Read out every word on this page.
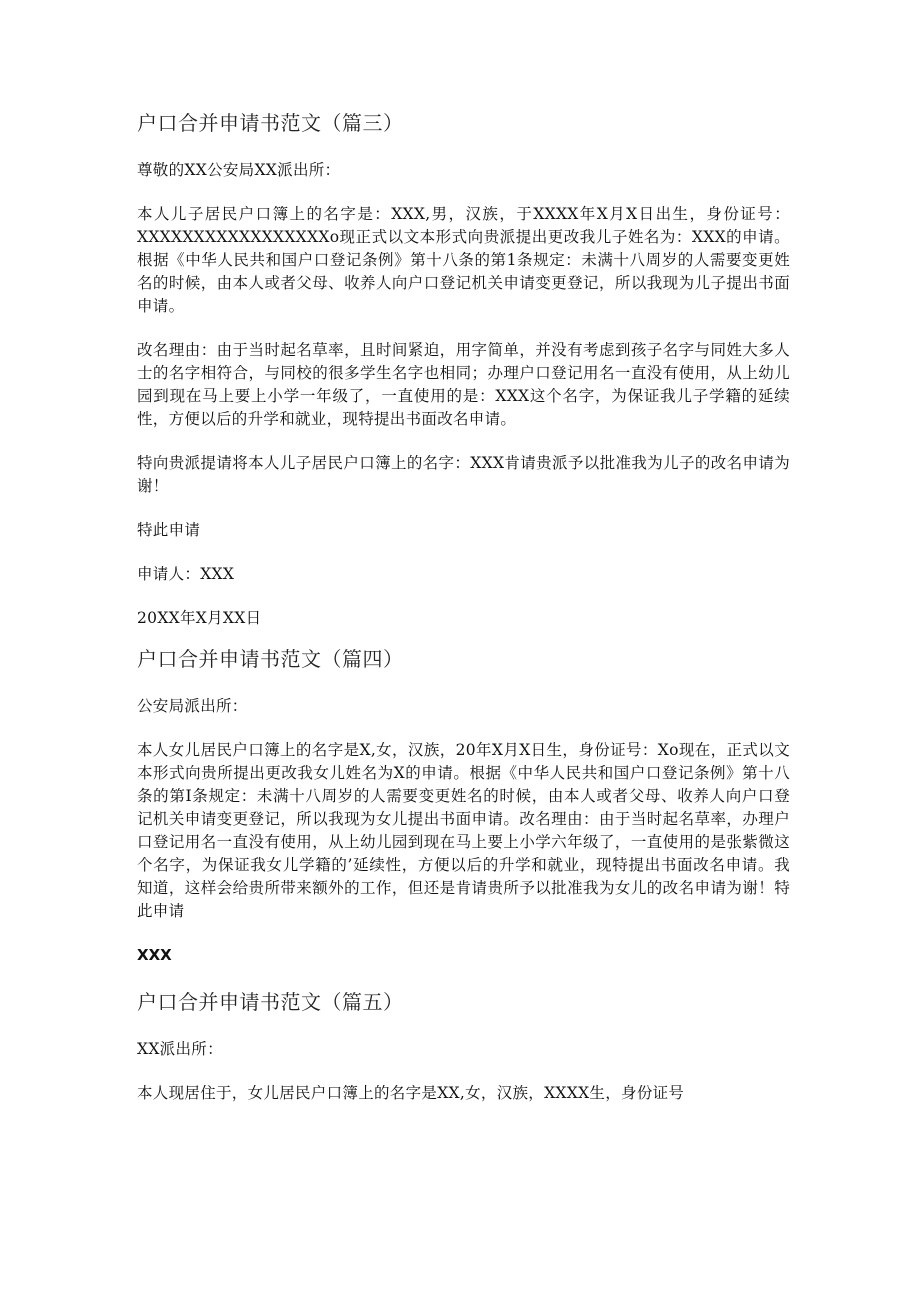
户口合并申请书范文（篇三）
尊敬的XX公安局XX派出所：
本人儿子居民户口簿上的名字是：XXX,男，汉族，于XXXX年X月X日出生，身份证号：XXXXXXXXXXXXXXXXXo现正式以文本形式向贵派提出更改我儿子姓名为：XXX的申请。根据《中华人民共和国户口登记条例》第十八条的第1条规定：未满十八周岁的人需要变更姓名的时候，由本人或者父母、收养人向户口登记机关申请变更登记，所以我现为儿子提出书面申请。
改名理由：由于当时起名草率，且时间紧迫，用字简单，并没有考虑到孩子名字与同姓大多人士的名字相符合，与同校的很多学生名字也相同；办理户口登记用名一直没有使用，从上幼儿园到现在马上要上小学一年级了，一直使用的是：XXX这个名字，为保证我儿子学籍的延续性，方便以后的升学和就业，现特提出书面改名申请。
特向贵派提请将本人儿子居民户口簿上的名字：XXX肯请贵派予以批准我为儿子的改名申请为谢！
特此申请
申请人：XXX
20XX年X月XX日
户口合并申请书范文（篇四）
公安局派出所：
本人女儿居民户口簿上的名字是X,女，汉族，20年X月X日生，身份证号：Xo现在，正式以文本形式向贵所提出更改我女儿姓名为X的申请。根据《中华人民共和国户口登记条例》第十八条的第I条规定：未满十八周岁的人需要变更姓名的时候，由本人或者父母、收养人向户口登记机关申请变更登记，所以我现为女儿提出书面申请。改名理由：由于当时起名草率，办理户口登记用名一直没有使用，从上幼儿园到现在马上要上小学六年级了，一直使用的是张紫微这个名字，为保证我女儿学籍的’延续性，方便以后的升学和就业，现特提出书面改名申请。我知道，这样会给贵所带来额外的工作，但还是肯请贵所予以批准我为女儿的改名申请为谢！特此申请
XXX
户口合并申请书范文（篇五）
XX派出所：
本人现居住于，女儿居民户口簿上的名字是XX,女，汉族，XXXX生，身份证号
